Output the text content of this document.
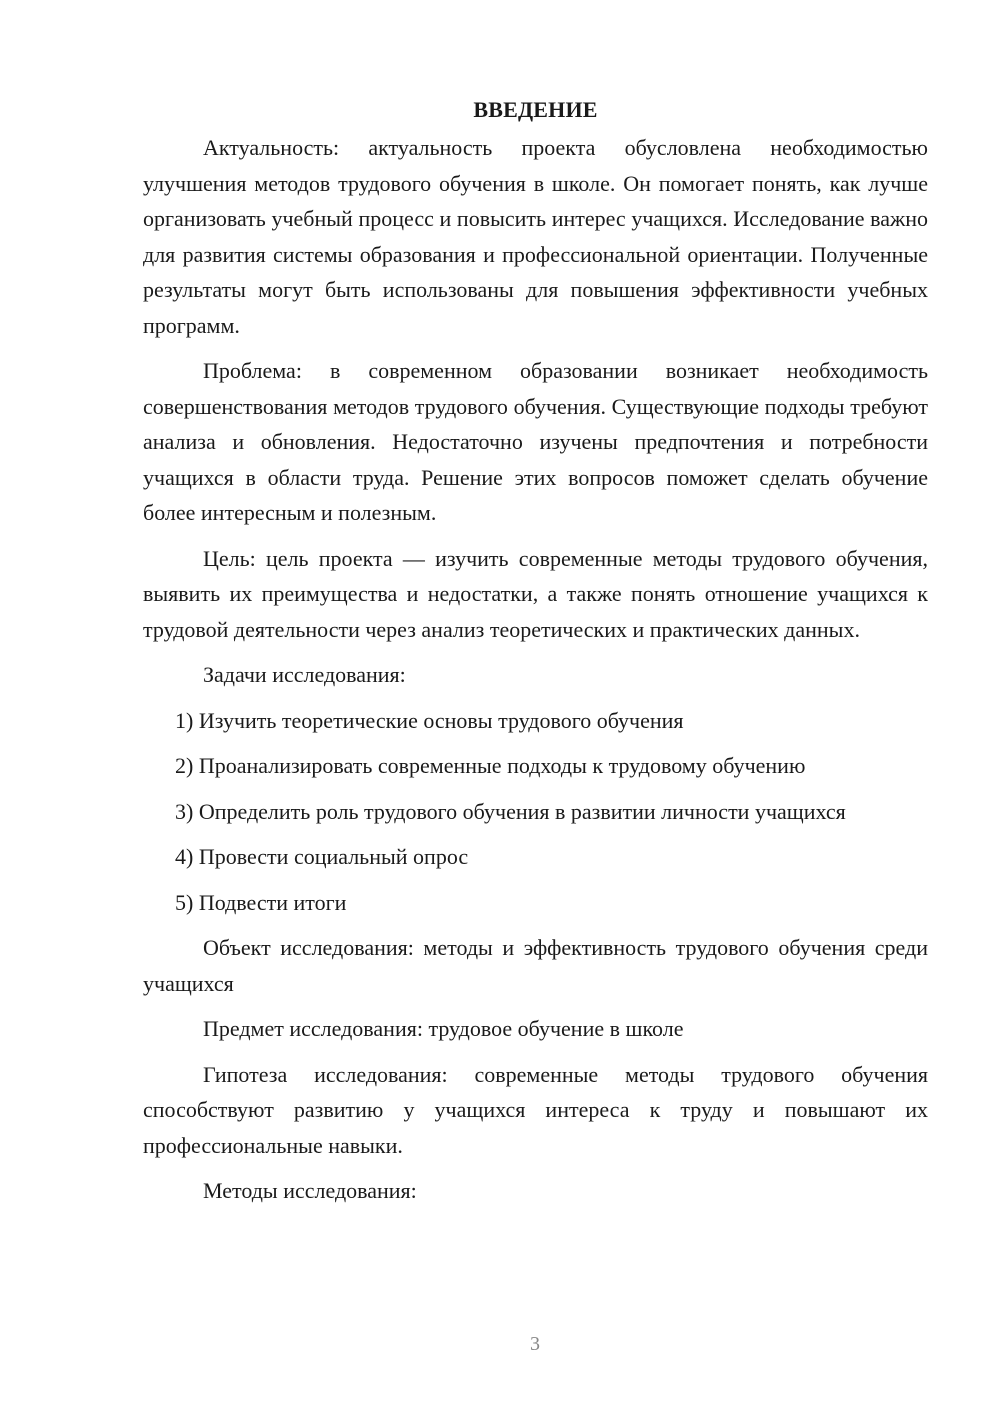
ВВЕДЕНИЕ

Актуальность: актуальность проекта обусловлена необходимостью улучшения методов трудового обучения в школе. Он помогает понять, как лучше организовать учебный процесс и повысить интерес учащихся. Исследование важно для развития системы образования и профессиональной ориентации. Полученные результаты могут быть использованы для повышения эффективности учебных программ.

Проблема: в современном образовании возникает необходимость совершенствования методов трудового обучения. Существующие подходы требуют анализа и обновления. Недостаточно изучены предпочтения и потребности учащихся в области труда. Решение этих вопросов поможет сделать обучение более интересным и полезным.

Цель: цель проекта — изучить современные методы трудового обучения, выявить их преимущества и недостатки, а также понять отношение учащихся к трудовой деятельности через анализ теоретических и практических данных.

Задачи исследования:

1) Изучить теоретические основы трудового обучения

2) Проанализировать современные подходы к трудовому обучению

3) Определить роль трудового обучения в развитии личности учащихся

4) Провести социальный опрос

5) Подвести итоги

Объект исследования: методы и эффективность трудового обучения среди учащихся

Предмет исследования: трудовое обучение в школе

Гипотеза исследования: современные методы трудового обучения способствуют развитию у учащихся интереса к труду и повышают их профессиональные навыки.

Методы исследования:

3
